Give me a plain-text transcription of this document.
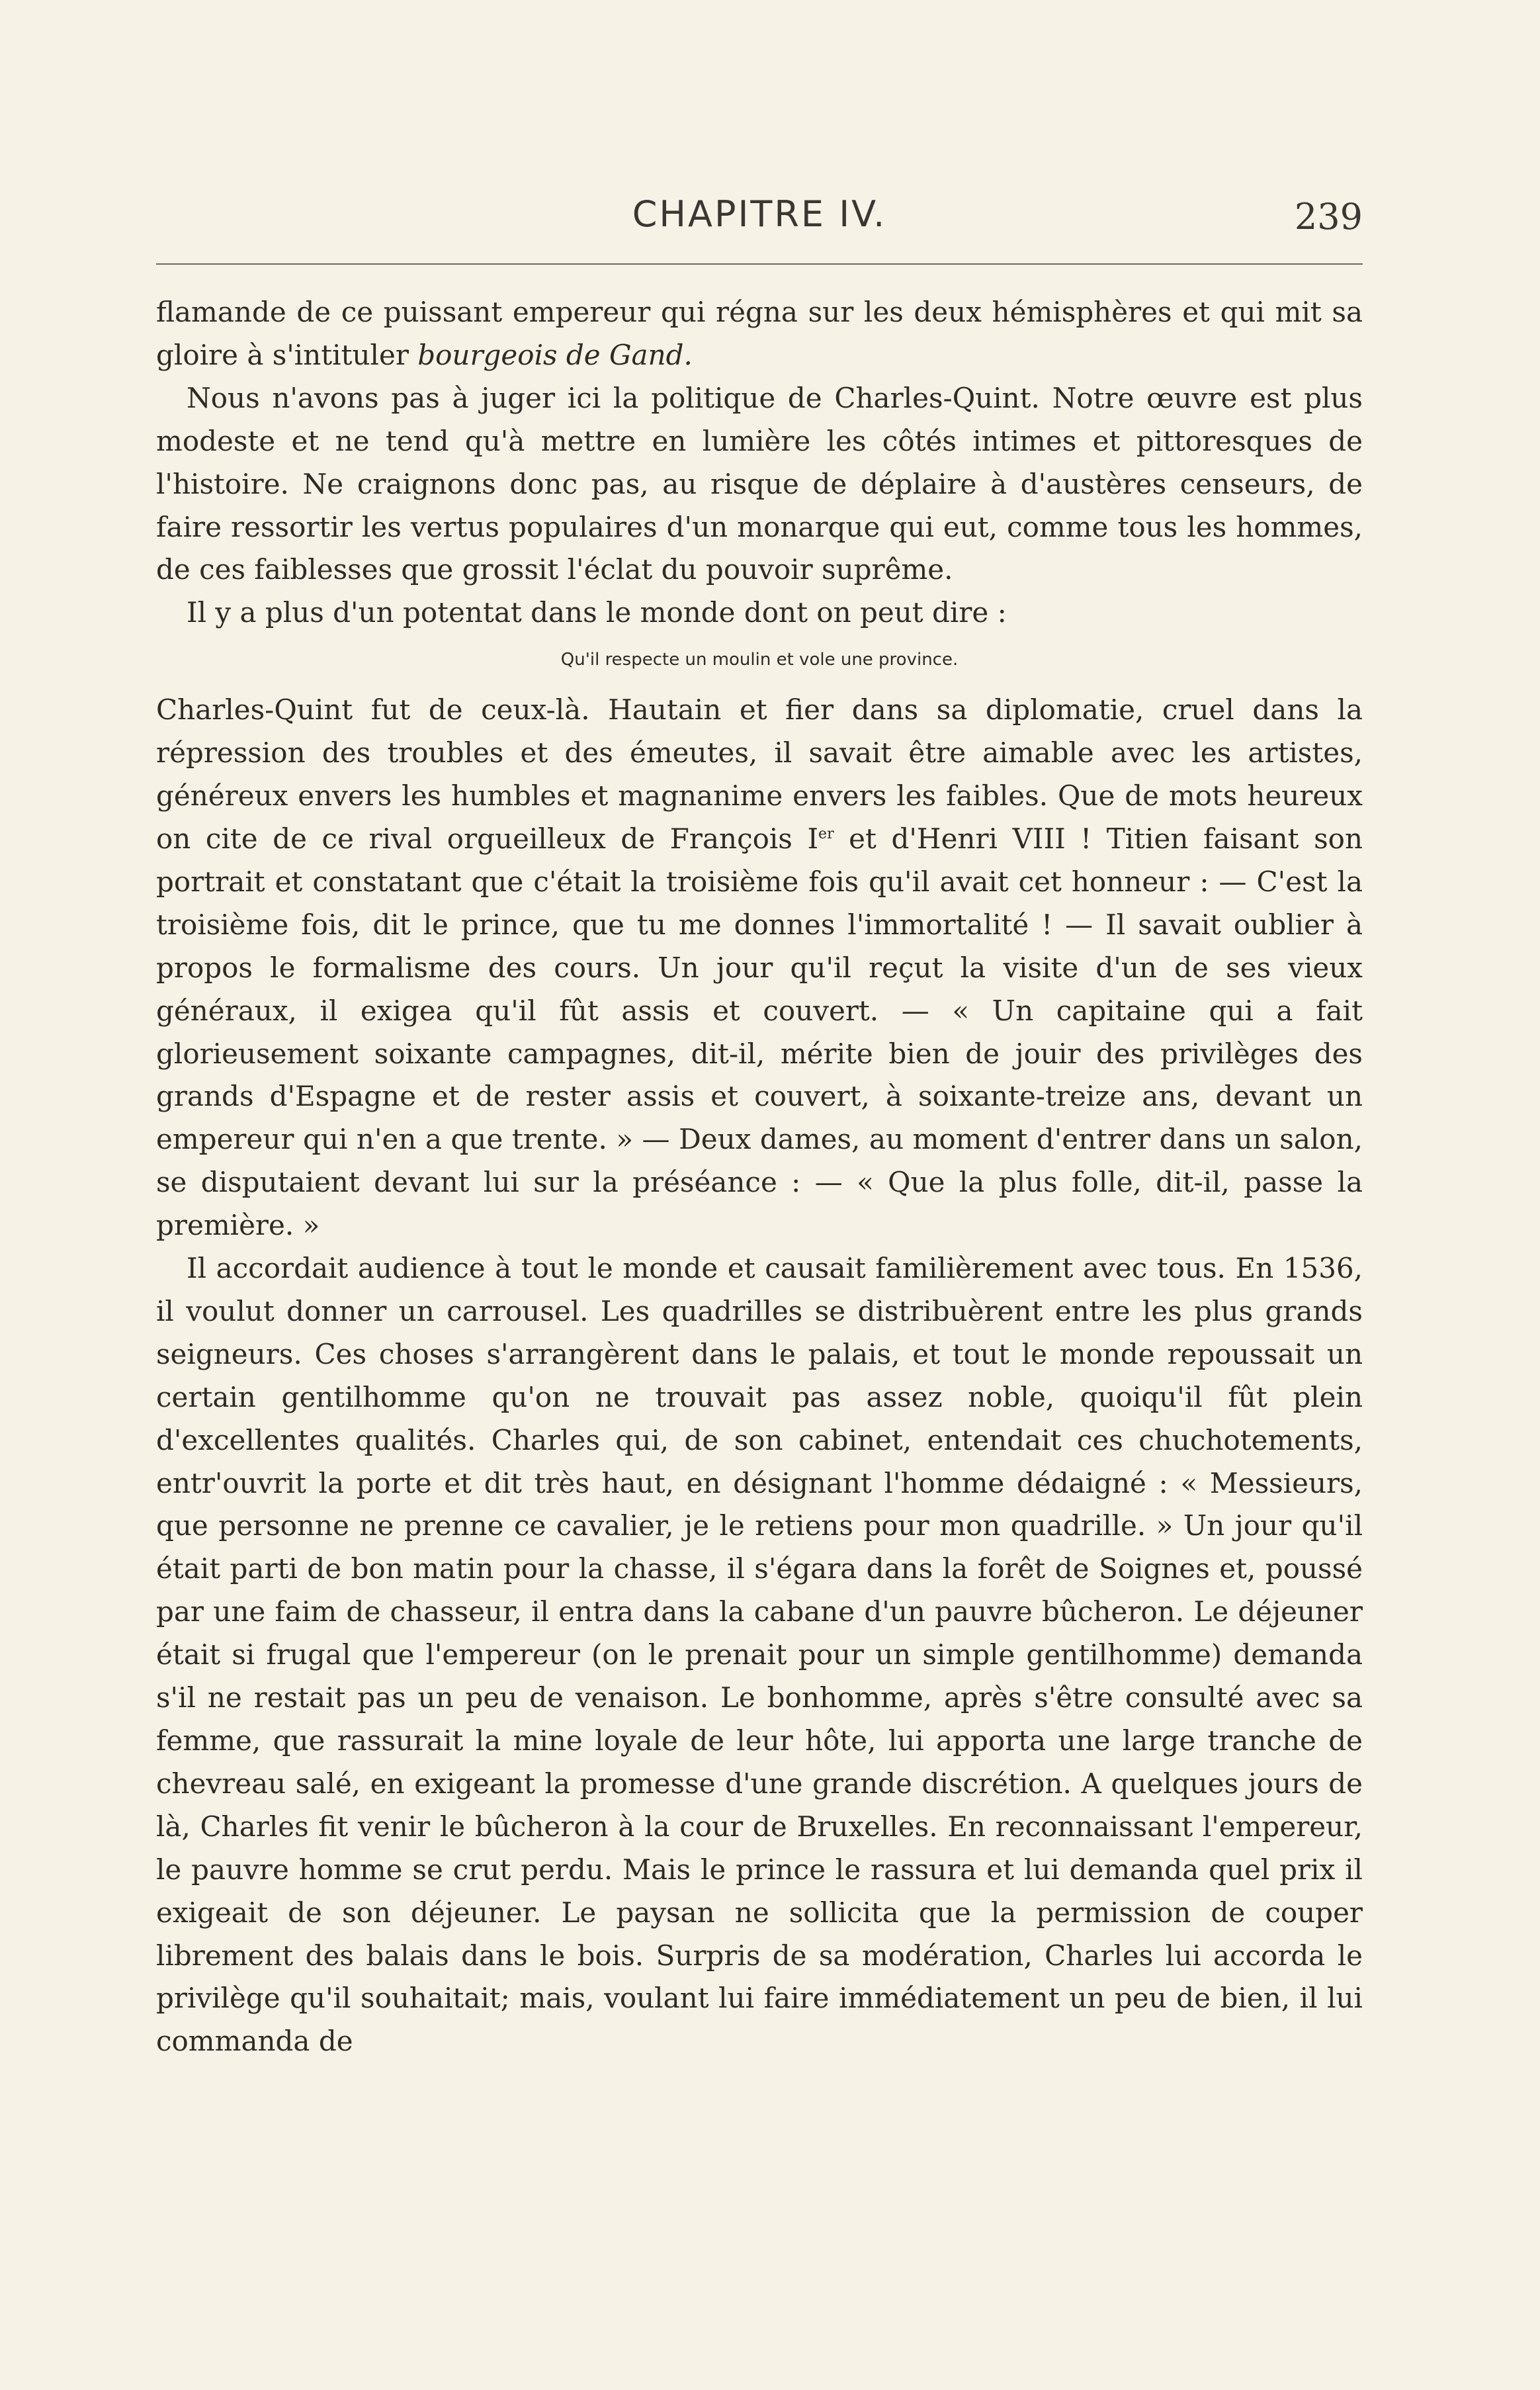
CHAPITRE IV.	239

flamande de ce puissant empereur qui régna sur les deux hémisphères et qui mit sa gloire à s'intituler bourgeois de Gand.

Nous n'avons pas à juger ici la politique de Charles-Quint. Notre œuvre est plus modeste et ne tend qu'à mettre en lumière les côtés intimes et pittoresques de l'histoire. Ne craignons donc pas, au risque de déplaire à d'austères censeurs, de faire ressortir les vertus populaires d'un monarque qui eut, comme tous les hommes, de ces faiblesses que grossit l'éclat du pouvoir suprême.

Il y a plus d'un potentat dans le monde dont on peut dire :

Qu'il respecte un moulin et vole une province.

Charles-Quint fut de ceux-là. Hautain et fier dans sa diplomatie, cruel dans la répression des troubles et des émeutes, il savait être aimable avec les artistes, généreux envers les humbles et magnanime envers les faibles. Que de mots heureux on cite de ce rival orgueilleux de François Ier et d'Henri VIII ! Titien faisant son portrait et constatant que c'était la troisième fois qu'il avait cet honneur : — C'est la troisième fois, dit le prince, que tu me donnes l'immortalité ! — Il savait oublier à propos le formalisme des cours. Un jour qu'il reçut la visite d'un de ses vieux généraux, il exigea qu'il fût assis et couvert. — « Un capitaine qui a fait glorieusement soixante campagnes, dit-il, mérite bien de jouir des privilèges des grands d'Espagne et de rester assis et couvert, à soixante-treize ans, devant un empereur qui n'en a que trente. » — Deux dames, au moment d'entrer dans un salon, se disputaient devant lui sur la préséance : — « Que la plus folle, dit-il, passe la première. »

Il accordait audience à tout le monde et causait familièrement avec tous. En 1536, il voulut donner un carrousel. Les quadrilles se distribuèrent entre les plus grands seigneurs. Ces choses s'arrangèrent dans le palais, et tout le monde repoussait un certain gentilhomme qu'on ne trouvait pas assez noble, quoiqu'il fût plein d'excellentes qualités. Charles qui, de son cabinet, entendait ces chuchotements, entr'ouvrit la porte et dit très haut, en désignant l'homme dédaigné : « Messieurs, que personne ne prenne ce cavalier, je le retiens pour mon quadrille. » Un jour qu'il était parti de bon matin pour la chasse, il s'égara dans la forêt de Soignes et, poussé par une faim de chasseur, il entra dans la cabane d'un pauvre bûcheron. Le déjeuner était si frugal que l'empereur (on le prenait pour un simple gentilhomme) demanda s'il ne restait pas un peu de venaison. Le bonhomme, après s'être consulté avec sa femme, que rassurait la mine loyale de leur hôte, lui apporta une large tranche de chevreau salé, en exigeant la promesse d'une grande discrétion. A quelques jours de là, Charles fit venir le bûcheron à la cour de Bruxelles. En reconnaissant l'empereur, le pauvre homme se crut perdu. Mais le prince le rassura et lui demanda quel prix il exigeait de son déjeuner. Le paysan ne sollicita que la permission de couper librement des balais dans le bois. Surpris de sa modération, Charles lui accorda le privilège qu'il souhaitait; mais, voulant lui faire immédiatement un peu de bien, il lui commanda de
